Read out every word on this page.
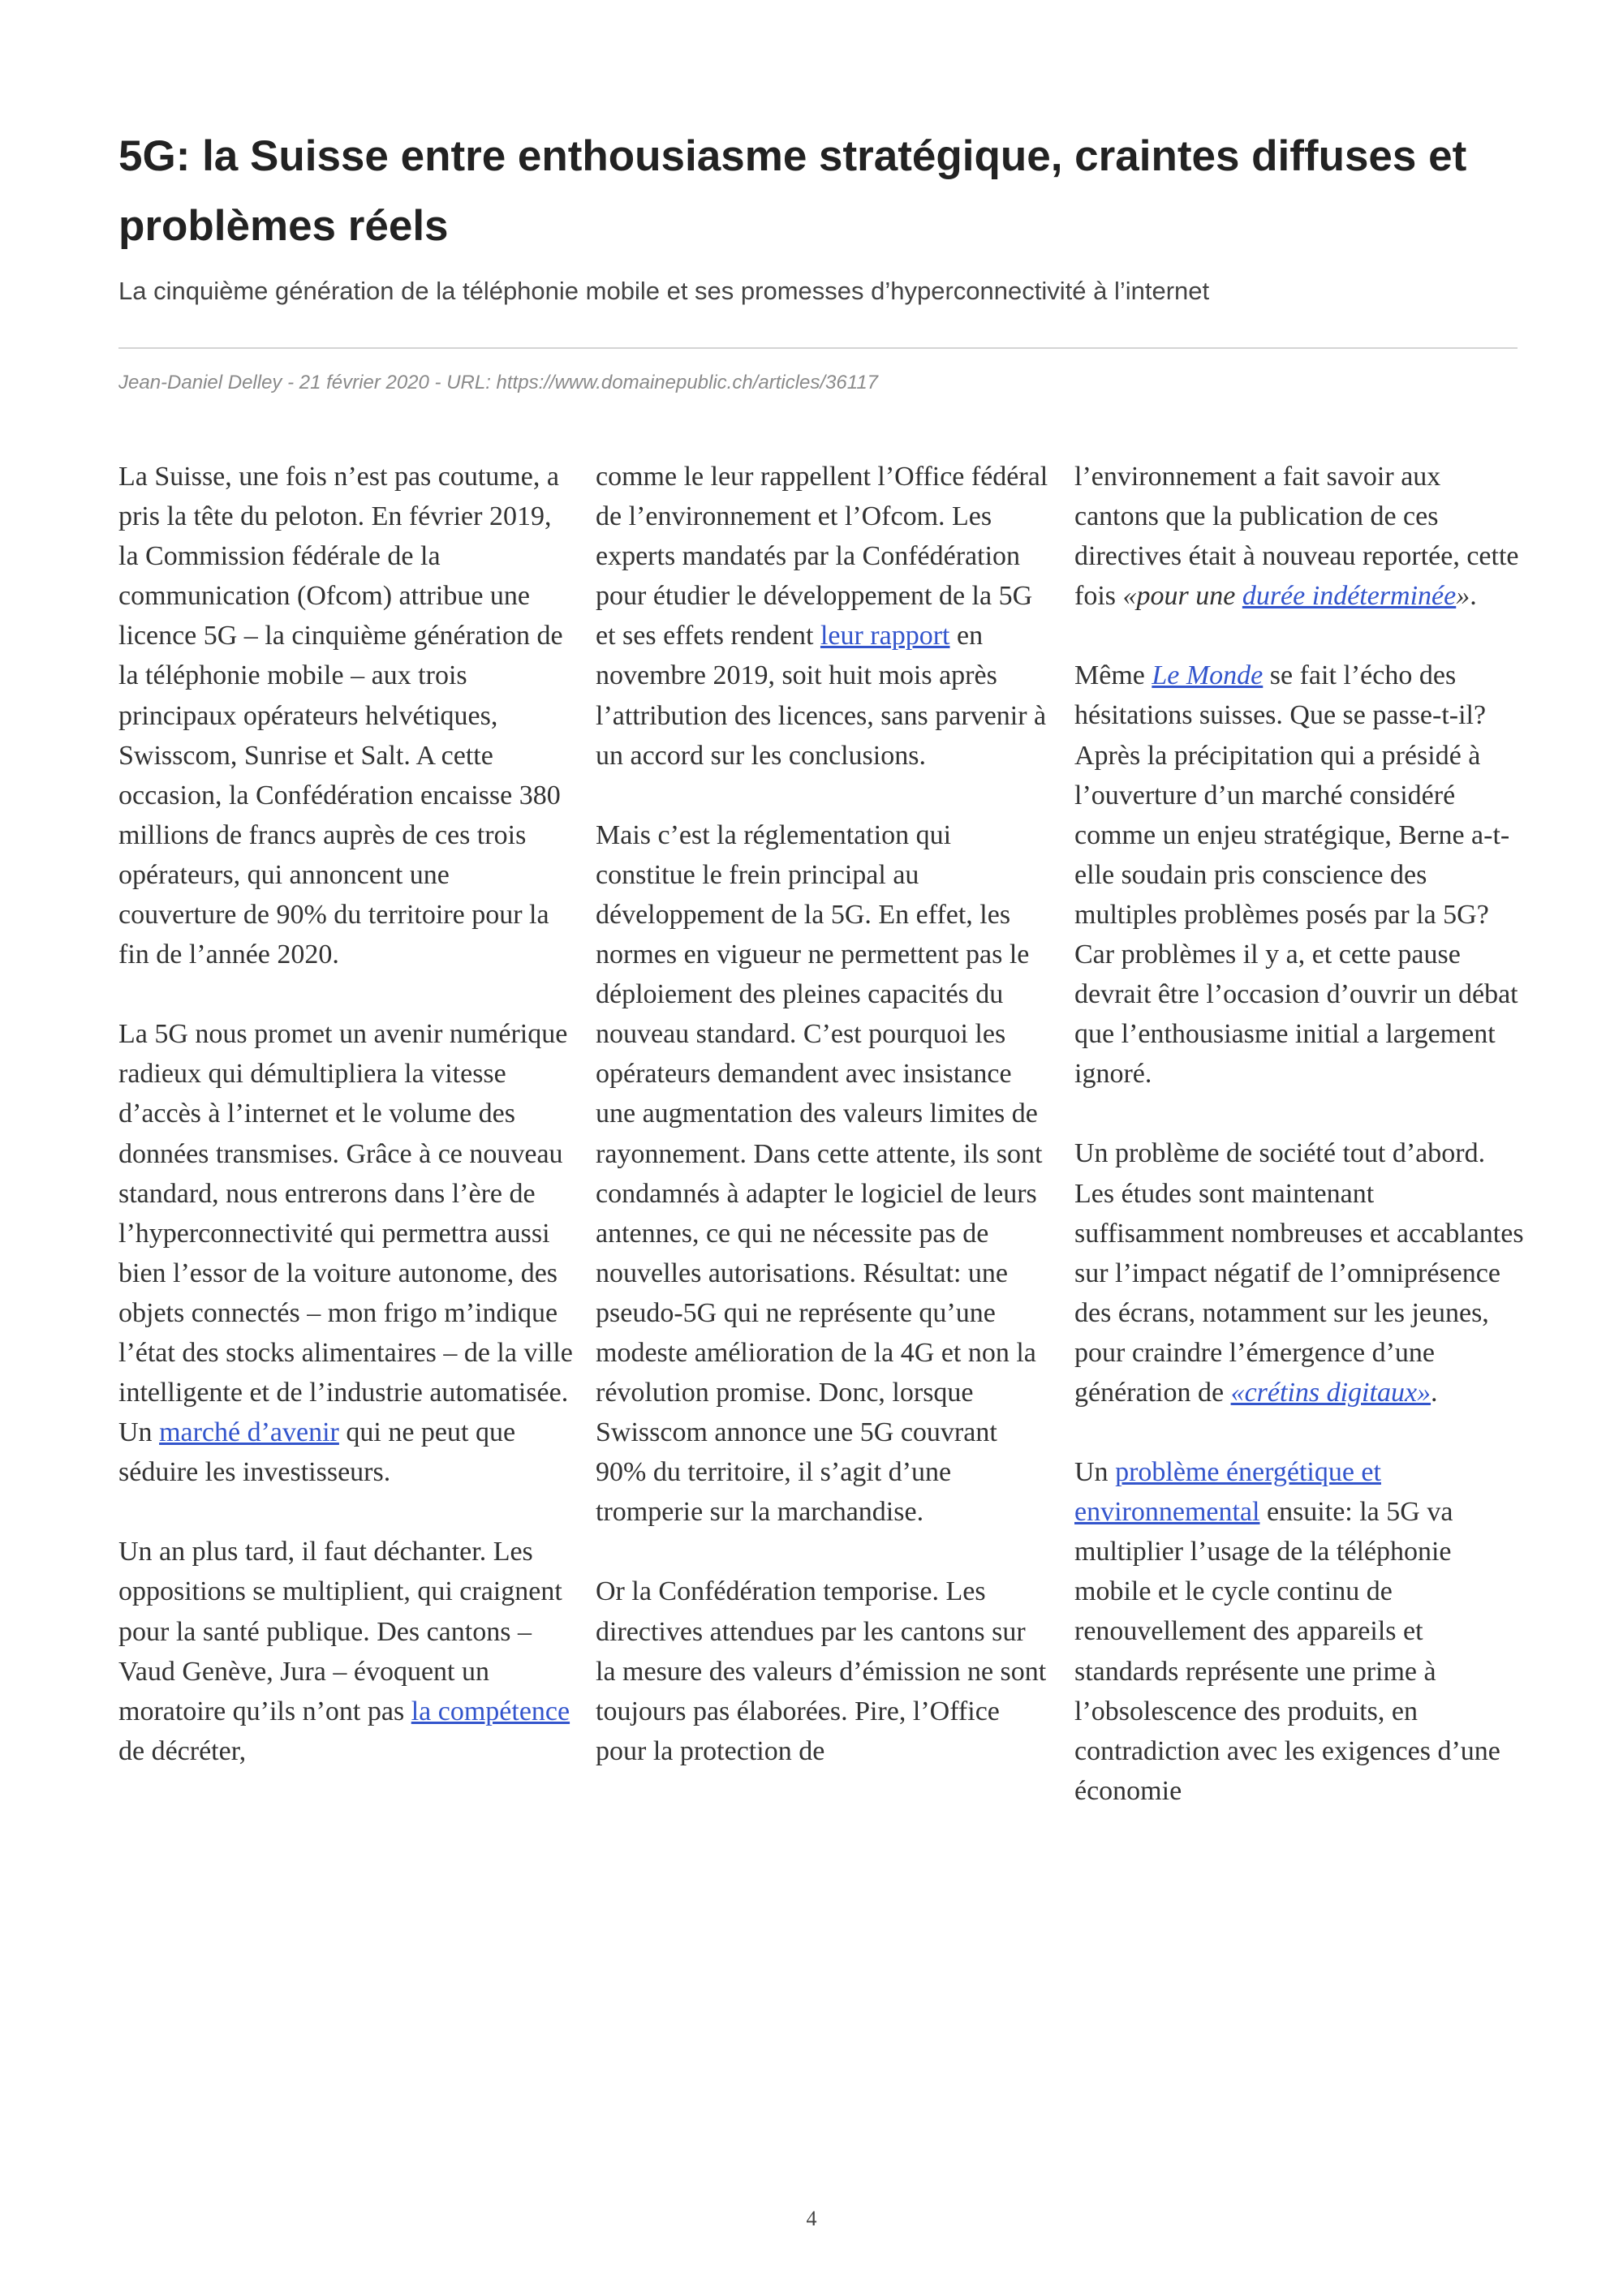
5G: la Suisse entre enthousiasme stratégique, craintes diffuses et problèmes réels
La cinquième génération de la téléphonie mobile et ses promesses d’hyperconnectivité à l’internet
Jean-Daniel Delley - 21 février 2020 - URL: https://www.domainepublic.ch/articles/36117

La Suisse, une fois n’est pas coutume, a pris la tête du peloton. En février 2019, la Commission fédérale de la communication (Ofcom) attribue une licence 5G – la cinquième génération de la téléphonie mobile – aux trois principaux opérateurs helvétiques, Swisscom, Sunrise et Salt. A cette occasion, la Confédération encaisse 380 millions de francs auprès de ces trois opérateurs, qui annoncent une couverture de 90% du territoire pour la fin de l’année 2020.

La 5G nous promet un avenir numérique radieux qui démultipliera la vitesse d’accès à l’internet et le volume des données transmises. Grâce à ce nouveau standard, nous entrerons dans l’ère de l’hyperconnectivité qui permettra aussi bien l’essor de la voiture autonome, des objets connectés – mon frigo m’indique l’état des stocks alimentaires – de la ville intelligente et de l’industrie automatisée. Un marché d’avenir qui ne peut que séduire les investisseurs.

Un an plus tard, il faut déchanter. Les oppositions se multiplient, qui craignent pour la santé publique. Des cantons – Vaud Genève, Jura – évoquent un moratoire qu’ils n’ont pas la compétence de décréter,

comme le leur rappellent l’Office fédéral de l’environnement et l’Ofcom. Les experts mandatés par la Confédération pour étudier le développement de la 5G et ses effets rendent leur rapport en novembre 2019, soit huit mois après l’attribution des licences, sans parvenir à un accord sur les conclusions.

Mais c’est la réglementation qui constitue le frein principal au développement de la 5G. En effet, les normes en vigueur ne permettent pas le déploiement des pleines capacités du nouveau standard. C’est pourquoi les opérateurs demandent avec insistance une augmentation des valeurs limites de rayonnement. Dans cette attente, ils sont condamnés à adapter le logiciel de leurs antennes, ce qui ne nécessite pas de nouvelles autorisations. Résultat: une pseudo-5G qui ne représente qu’une modeste amélioration de la 4G et non la révolution promise. Donc, lorsque Swisscom annonce une 5G couvrant 90% du territoire, il s’agit d’une tromperie sur la marchandise.

Or la Confédération temporise. Les directives attendues par les cantons sur la mesure des valeurs d’émission ne sont toujours pas élaborées. Pire, l’Office pour la protection de

l’environnement a fait savoir aux cantons que la publication de ces directives était à nouveau reportée, cette fois «pour une durée indéterminée».

Même Le Monde se fait l’écho des hésitations suisses. Que se passe-t-il? Après la précipitation qui a présidé à l’ouverture d’un marché considéré comme un enjeu stratégique, Berne a-t-elle soudain pris conscience des multiples problèmes posés par la 5G? Car problèmes il y a, et cette pause devrait être l’occasion d’ouvrir un débat que l’enthousiasme initial a largement ignoré.

Un problème de société tout d’abord. Les études sont maintenant suffisamment nombreuses et accablantes sur l’impact négatif de l’omniprésence des écrans, notamment sur les jeunes, pour craindre l’émergence d’une génération de «crétins digitaux».

Un problème énergétique et environnemental ensuite: la 5G va multiplier l’usage de la téléphonie mobile et le cycle continu de renouvellement des appareils et standards représente une prime à l’obsolescence des produits, en contradiction avec les exigences d’une économie

4
